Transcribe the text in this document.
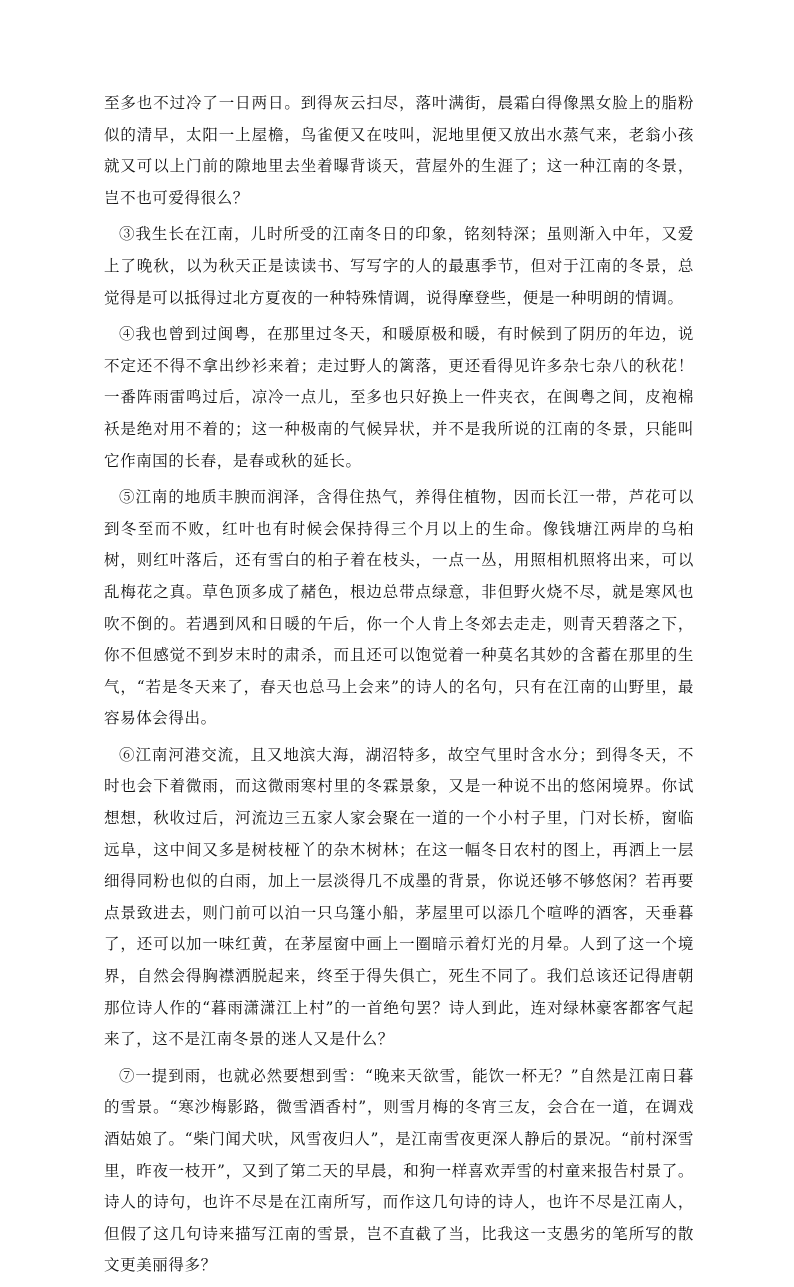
至多也不过冷了一日两日。到得灰云扫尽，落叶满街，晨霜白得像黑女脸上的脂粉似的清早，太阳一上屋檐，鸟雀便又在吱叫，泥地里便又放出水蒸气来，老翁小孩就又可以上门前的隙地里去坐着曝背谈天，营屋外的生涯了；这一种江南的冬景，岂不也可爱得很么？

③我生长在江南，儿时所受的江南冬日的印象，铭刻特深；虽则渐入中年，又爱上了晚秋，以为秋天正是读读书、写写字的人的最惠季节，但对于江南的冬景，总觉得是可以抵得过北方夏夜的一种特殊情调，说得摩登些，便是一种明朗的情调。

④我也曾到过闽粤，在那里过冬天，和暖原极和暖，有时候到了阴历的年边，说不定还不得不拿出纱衫来着；走过野人的篱落，更还看得见许多杂七杂八的秋花！一番阵雨雷鸣过后，凉冷一点儿，至多也只好换上一件夹衣，在闽粤之间，皮袍棉袄是绝对用不着的；这一种极南的气候异状，并不是我所说的江南的冬景，只能叫它作南国的长春，是春或秋的延长。

⑤江南的地质丰腴而润泽，含得住热气，养得住植物，因而长江一带，芦花可以到冬至而不败，红叶也有时候会保持得三个月以上的生命。像钱塘江两岸的乌桕树，则红叶落后，还有雪白的桕子着在枝头，一点一丛，用照相机照将出来，可以乱梅花之真。草色顶多成了赭色，根边总带点绿意，非但野火烧不尽，就是寒风也吹不倒的。若遇到风和日暖的午后，你一个人肯上冬郊去走走，则青天碧落之下，你不但感觉不到岁末时的肃杀，而且还可以饱觉着一种莫名其妙的含蓄在那里的生气，“若是冬天来了，春天也总马上会来”的诗人的名句，只有在江南的山野里，最容易体会得出。

⑥江南河港交流，且又地滨大海，湖沼特多，故空气里时含水分；到得冬天，不时也会下着微雨，而这微雨寒村里的冬霖景象，又是一种说不出的悠闲境界。你试想想，秋收过后，河流边三五家人家会聚在一道的一个小村子里，门对长桥，窗临远阜，这中间又多是树枝桠丫的杂木树林；在这一幅冬日农村的图上，再洒上一层细得同粉也似的白雨，加上一层淡得几不成墨的背景，你说还够不够悠闲？若再要点景致进去，则门前可以泊一只乌篷小船，茅屋里可以添几个喧哗的酒客，天垂暮了，还可以加一味红黄，在茅屋窗中画上一圈暗示着灯光的月晕。人到了这一个境界，自然会得胸襟洒脱起来，终至于得失俱亡，死生不同了。我们总该还记得唐朝那位诗人作的“暮雨潇潇江上村”的一首绝句罢？诗人到此，连对绿林豪客都客气起来了，这不是江南冬景的迷人又是什么？

⑦一提到雨，也就必然要想到雪：“晚来天欲雪，能饮一杯无？”自然是江南日暮的雪景。“寒沙梅影路，微雪酒香村”，则雪月梅的冬宵三友，会合在一道，在调戏酒姑娘了。“柴门闻犬吠，风雪夜归人”，是江南雪夜更深人静后的景况。“前村深雪里，昨夜一枝开”，又到了第二天的早晨，和狗一样喜欢弄雪的村童来报告村景了。诗人的诗句，也许不尽是在江南所写，而作这几句诗的诗人，也许不尽是江南人，但假了这几句诗来描写江南的雪景，岂不直截了当，比我这一支愚劣的笔所写的散文更美丽得多？
